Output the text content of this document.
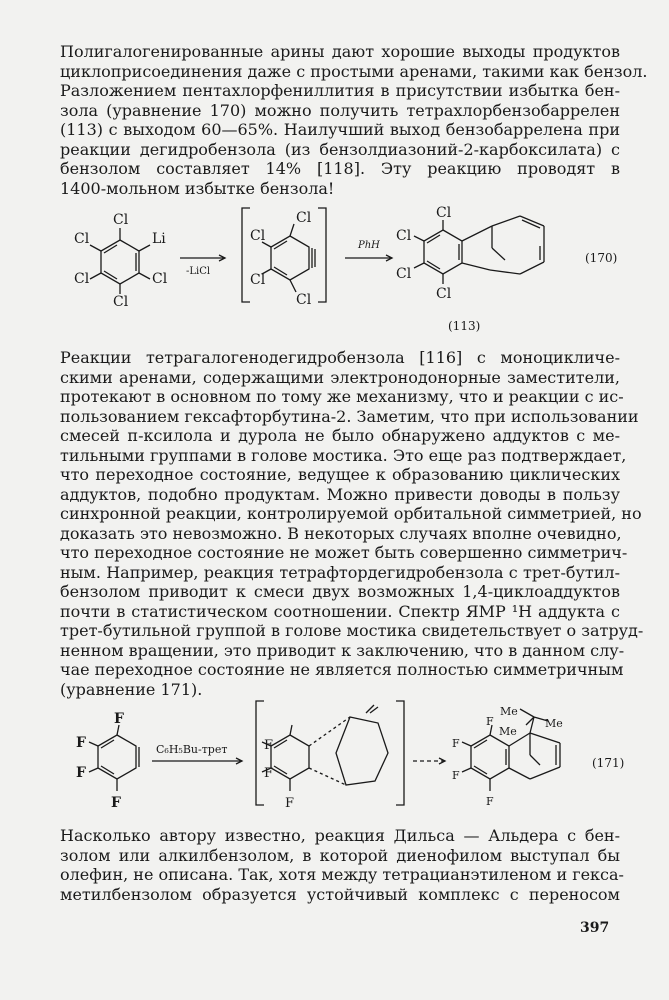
Полигалогенированные арины дают хорошие выходы продуктов
циклоприсоединения даже с простыми аренами, такими как бензол.
Разложением пентахлорфениллития в присутствии избытка бен-
зола (уравнение 170) можно получить тетрахлорбензобаррелен
(113) с выходом 60—65%. Наилучший выход бензобаррелена при
реакции дегидробензола (из бензолдиазоний-2-карбоксилата) с
бензолом составляет 14% [118]. Эту реакцию проводят в
1400-мольном избытке бензола!
Cl
Li
Cl
Cl	Cl
Cl
-LiCl
Cl
Cl
Cl
Cl
PhH
Cl
Cl
Cl
Cl
(170)
(113)
Реакции тетрагалогенодегидробензола [116] с моноцикличе-
скими аренами, содержащими электронодонорные заместители,
протекают в основном по тому же механизму, что и реакции с ис-
пользованием гексафторбутина-2. Заметим, что при использовании
смесей п-ксилола и дурола не было обнаружено аддуктов с ме-
тильными группами в голове мостика. Это еще раз подтверждает,
что переходное состояние, ведущее к образованию циклических
аддуктов, подобно продуктам. Можно привести доводы в пользу
синхронной реакции, контролируемой орбитальной симметрией, но
доказать это невозможно. В некоторых случаях вполне очевидно,
что переходное состояние не может быть совершенно симметрич-
ным. Например, реакция тетрафтордегидробензола с трет-бутил-
бензолом приводит к смеси двух возможных 1,4-циклоаддуктов
почти в статистическом соотношении. Спектр ЯМР ¹Н аддукта с
трет-бутильной группой в голове мостика свидетельствует о затруд-
ненном вращении, это приводит к заключению, что в данном слу-
чае переходное состояние не является полностью симметричным
(уравнение 171).
F
F
F
F
C₆H₅Bu-трет	F
F
F
Me
Me
Me
F
F
F
F
(171)
Насколько автору известно, реакция Дильса — Альдера с бен-
золом или алкилбензолом, в которой диенофилом выступал бы
олефин, не описана. Так, хотя между тетрацианэтиленом и гекса-
метилбензолом образуется устойчивый комплекс с переносом
397
